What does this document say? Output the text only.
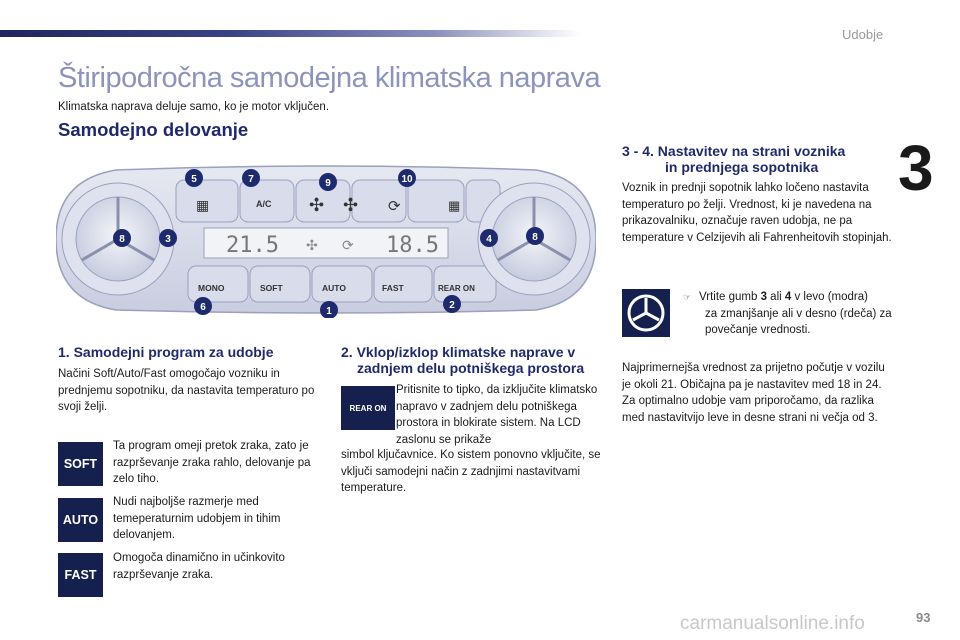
Udobje
3
Štiripodročna samodejna klimatska naprava
Klimatska naprava deluje samo, ko je motor vključen.
Samodejno delovanje
A/C
▦	✣ ✣ ⟳	▦
21.5	18.5
✣ ⟳
MONO	SOFT	AUTO	FAST	REAR ON
5	7	9	10
8	3	4	8
6	1
2
1. Samodejni program za udobje

Načini Soft/Auto/Fast omogočajo vozniku in prednjemu sopotniku, da nastavita temperaturo po svoji želji.

SOFT

Ta program omeji pretok zraka, zato je razprševanje zraka rahlo, delovanje pa zelo tiho.

AUTO

Nudi najboljše razmerje med temeperaturnim udobjem in tihim delovanjem.

FAST

Omogoča dinamično in učinkovito razprševanje zraka.

2. Vklop/izklop klimatske naprave v
zadnjem delu potniškega prostora
REAR ON

Pritisnite to tipko, da izključite klimatsko napravo v zadnjem delu potniškega prostora in blokirate sistem. Na LCD zaslonu se prikaže

simbol ključavnice. Ko sistem ponovno vključite, se vključi samodejni način z zadnjimi nastavitvami temperature.

3 - 4. Nastavitev na strani voznika
in prednjega sopotnika

Voznik in prednji sopotnik lahko ločeno nastavita temperaturo po želji. Vrednost, ki je navedena na prikazovalniku, označuje raven udobja, ne pa temperature v Celzijevih ali Fahrenheitovih stopinjah.

☞ Vrtite gumb 3 ali 4 v levo (modra)
za zmanjšanje ali v desno (rdeča) za povečanje vrednosti.

Najprimernejša vrednost za prijetno počutje v vozilu je okoli 21. Običajna pa je nastavitev med 18 in 24. Za optimalno udobje vam priporočamo, da razlika med nastavitvijo leve in desne strani ni večja od 3.

carmanualsonline.info	93
